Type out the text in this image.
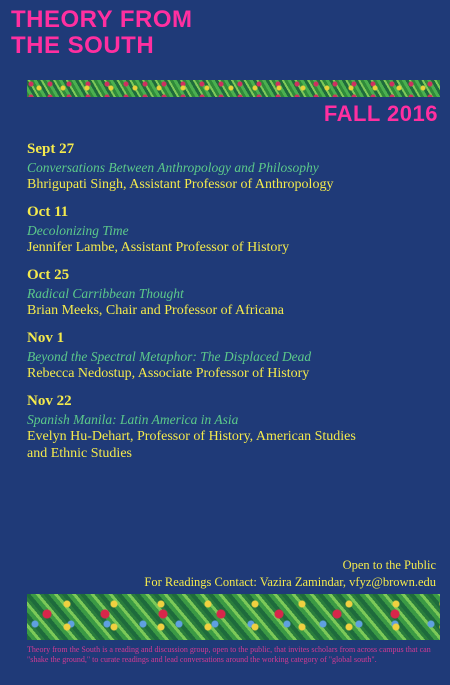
THEORY FROM
THE SOUTH
FALL 2016
Sept 27
Conversations Between Anthropology and Philosophy
Bhrigupati Singh, Assistant Professor of Anthropology
Oct 11
Decolonizing Time
Jennifer Lambe, Assistant Professor of History
Oct 25
Radical Carribbean Thought
Brian Meeks, Chair and Professor of Africana
Nov 1
Beyond the Spectral Metaphor: The Displaced Dead
Rebecca Nedostup, Associate Professor of History
Nov 22
Spanish Manila: Latin America in Asia
Evelyn Hu-Dehart, Professor of History, American Studies
and Ethnic Studies
Open to the Public
For Readings Contact: Vazira Zamindar, vfyz@brown.edu
Theory from the South is a reading and discussion group, open to the public, that invites scholars from across campus that can "shake the ground," to curate readings and lead conversations around the working category of "global south".
